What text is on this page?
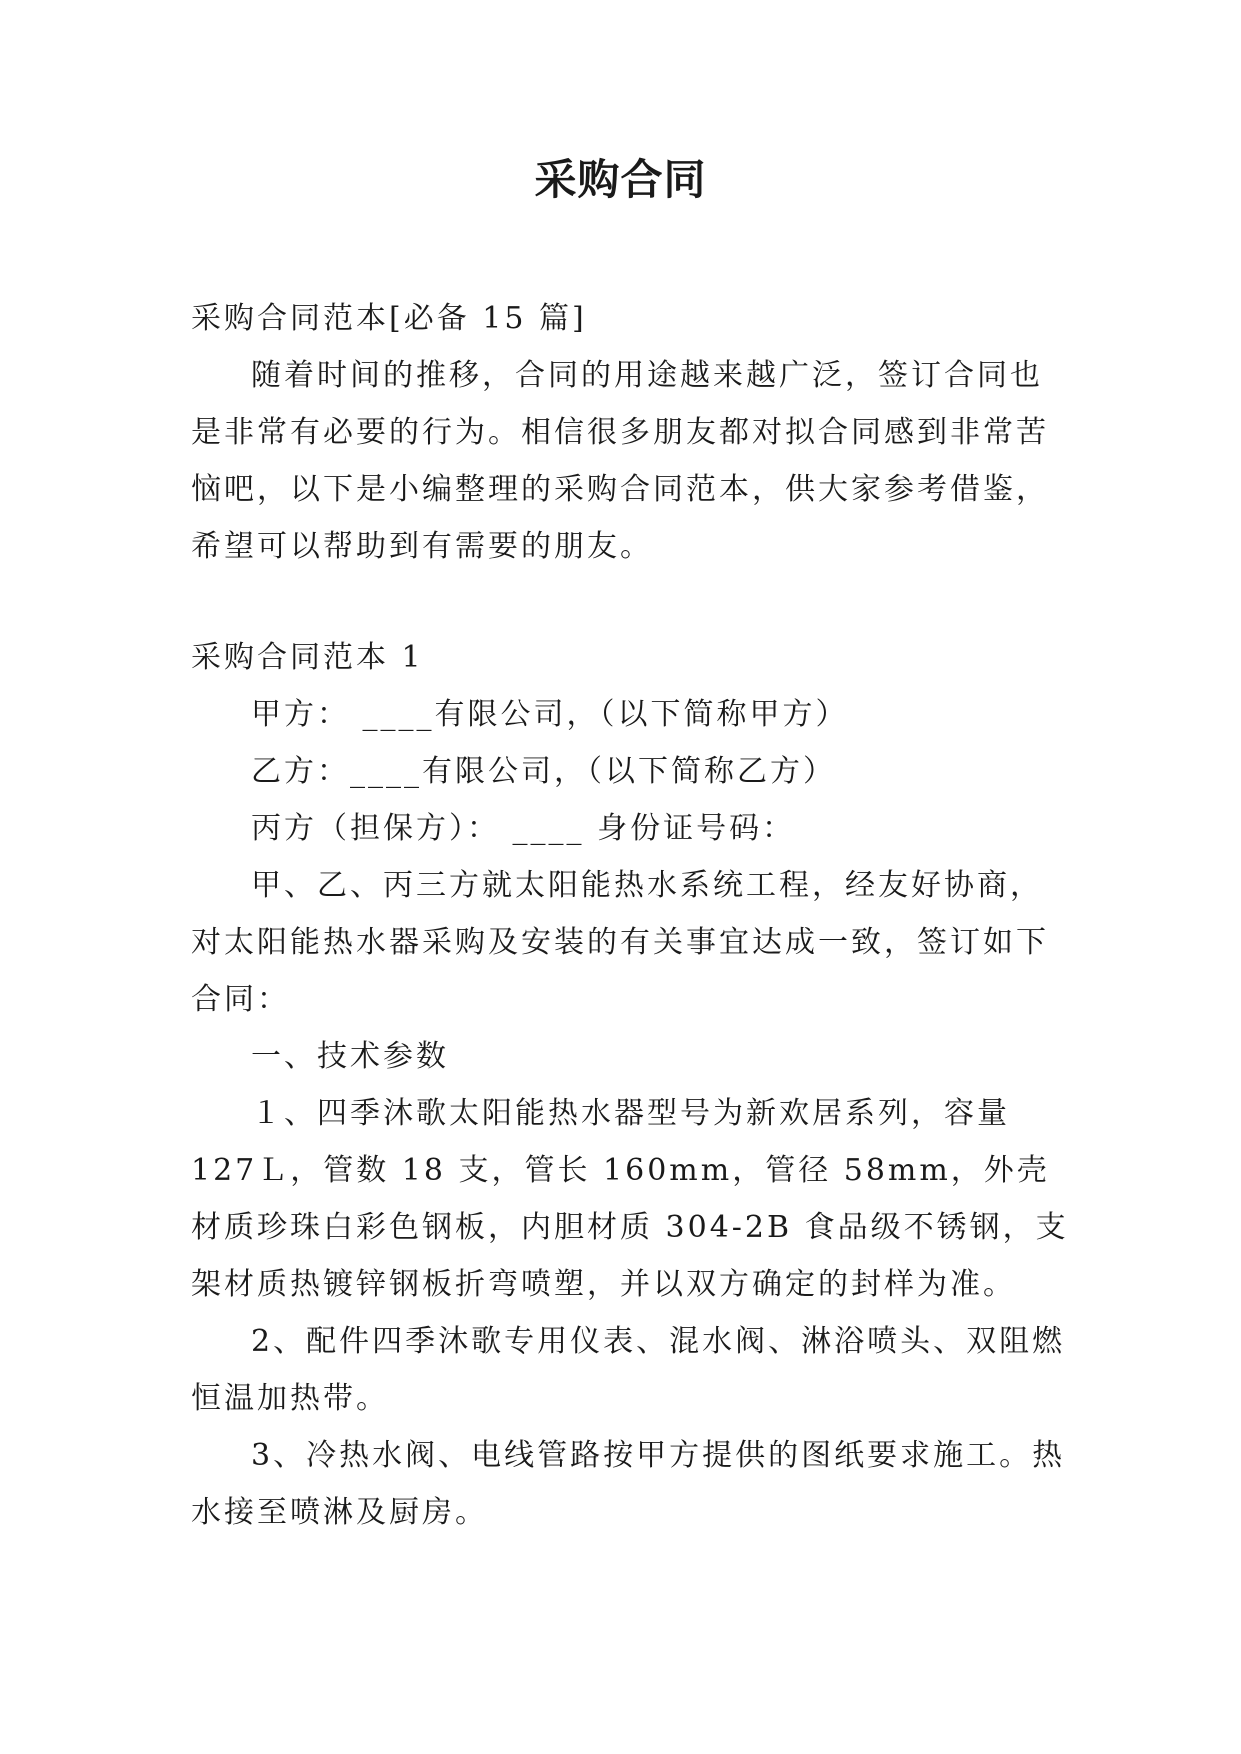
采购合同

采购合同范本[必备 15 篇]

随着时间的推移，合同的用途越来越广泛，签订合同也是非常有必要的行为。相信很多朋友都对拟合同感到非常苦恼吧，以下是小编整理的采购合同范本，供大家参考借鉴，希望可以帮助到有需要的朋友。

采购合同范本 1

甲方： ____有限公司，（以下简称甲方）

乙方：____有限公司，（以下简称乙方）

丙方（担保方）： ____ 身份证号码：

甲、乙、丙三方就太阳能热水系统工程，经友好协商，对太阳能热水器采购及安装的有关事宜达成一致，签订如下合同：

一、技术参数

１、四季沐歌太阳能热水器型号为新欢居系列，容量 127Ｌ，管数 18 支，管长 160mm，管径 58mm，外壳材质珍珠白彩色钢板，内胆材质 304-2B 食品级不锈钢，支架材质热镀锌钢板折弯喷塑，并以双方确定的封样为准。

2、配件四季沐歌专用仪表、混水阀、淋浴喷头、双阻燃恒温加热带。

3、冷热水阀、电线管路按甲方提供的图纸要求施工。热水接至喷淋及厨房。
